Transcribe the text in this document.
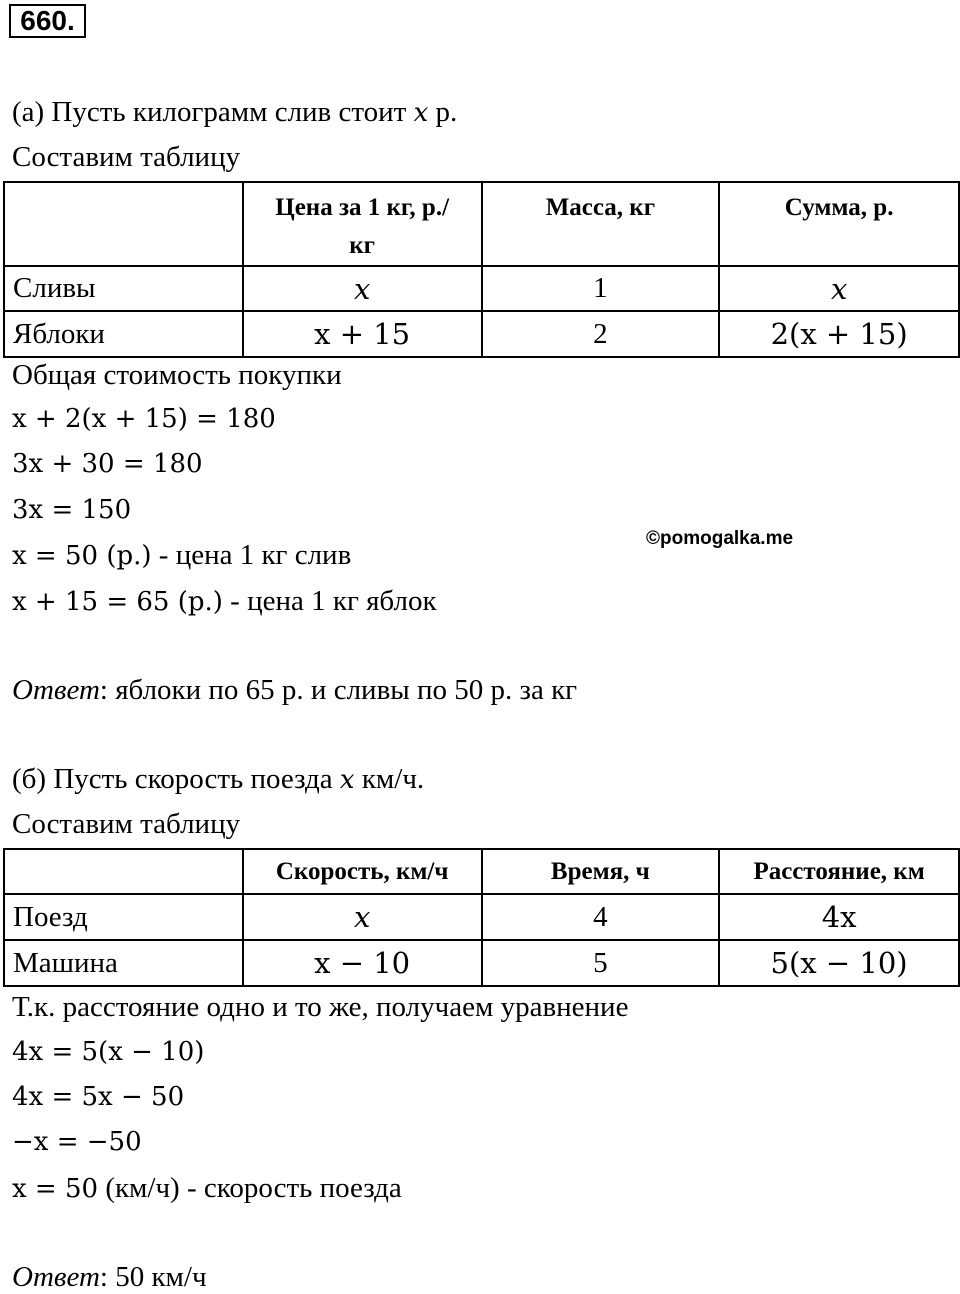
660.
(а) Пусть килограмм слив стоит x р.
Составим таблицу
	Цена за 1 кг, р./кг	Масса, кг	Сумма, р.
Сливы	x	1	x
Яблоки	x + 15	2	2(x + 15)
Общая стоимость покупки
x + 2(x + 15) = 180
3x + 30 = 180
3x = 150
x = 50 (р.) - цена 1 кг слив
x + 15 = 65 (р.) - цена 1 кг яблок
©pomogalka.me
Ответ: яблоки по 65 р. и сливы по 50 р. за кг
(б) Пусть скорость поезда x км/ч.
Составим таблицу
	Скорость, км/ч	Время, ч	Расстояние, км
Поезд	x	4	4x
Машина	x − 10	5	5(x − 10)
Т.к. расстояние одно и то же, получаем уравнение
4x = 5(x − 10)
4x = 5x − 50
−x = −50
x = 50 (км/ч) - скорость поезда
Ответ: 50 км/ч
